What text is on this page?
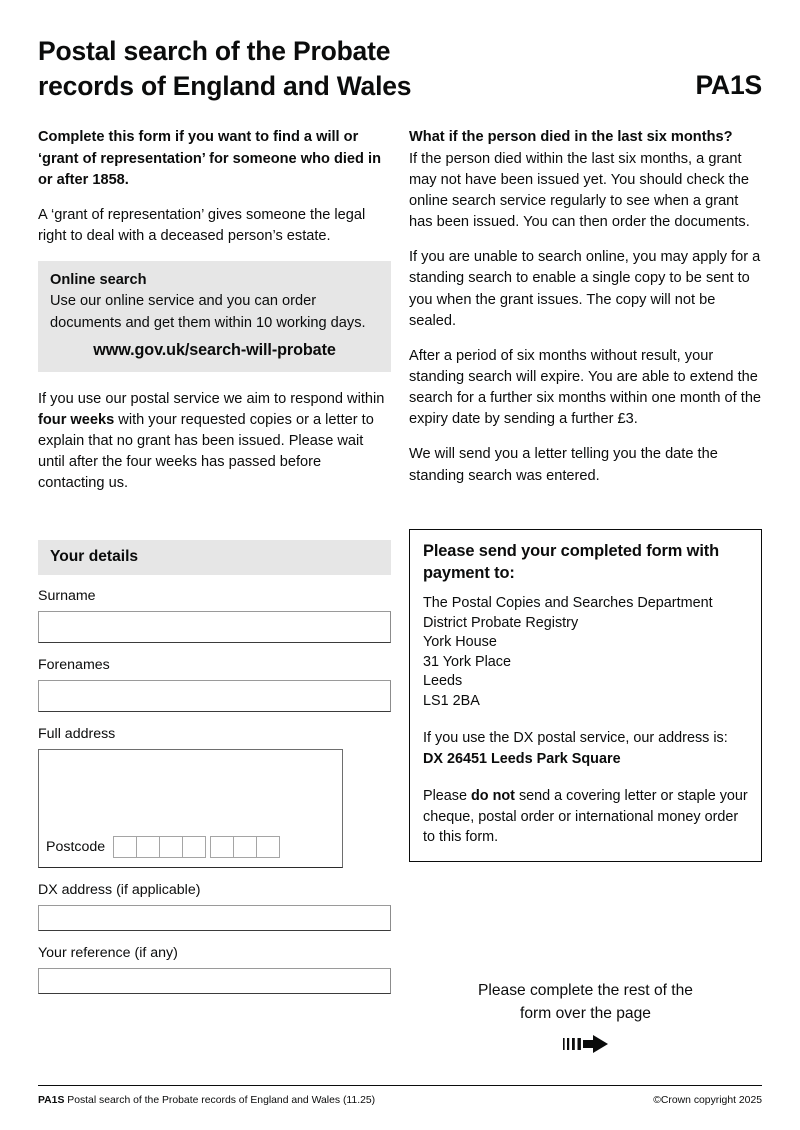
Postal search of the Probate records of England and Wales	PA1S

Complete this form if you want to find a will or ‘grant of representation’ for someone who died in or after 1858.

A ‘grant of representation’ gives someone the legal right to deal with a deceased person’s estate.

Online search
Use our online service and you can order documents and get them within 10 working days.
www.gov.uk/search-will-probate

If you use our postal service we aim to respond within four weeks with your requested copies or a letter to explain that no grant has been issued. Please wait until after the four weeks has passed before contacting us.

Your details
Surname
Forenames
Full address
Postcode
DX address (if applicable)
Your reference (if any)

What if the person died in the last six months?

If the person died within the last six months, a grant may not have been issued yet. You should check the online search service regularly to see when a grant has been issued. You can then order the documents.

If you are unable to search online, you may apply for a standing search to enable a single copy to be sent to you when the grant issues. The copy will not be sealed.

After a period of six months without result, your standing search will expire. You are able to extend the search for a further six months within one month of the expiry date by sending a further £3.

We will send you a letter telling you the date the standing search was entered.

Please send your completed form with payment to:
The Postal Copies and Searches Department
District Probate Registry
York House
31 York Place
Leeds
LS1 2BA
If you use the DX postal service, our address is: DX 26451 Leeds Park Square
Please do not send a covering letter or staple your cheque, postal order or international money order to this form.
Please complete the rest of the
form over the page
PA1S Postal search of the Probate records of England and Wales (11.25)	©Crown copyright 2025
